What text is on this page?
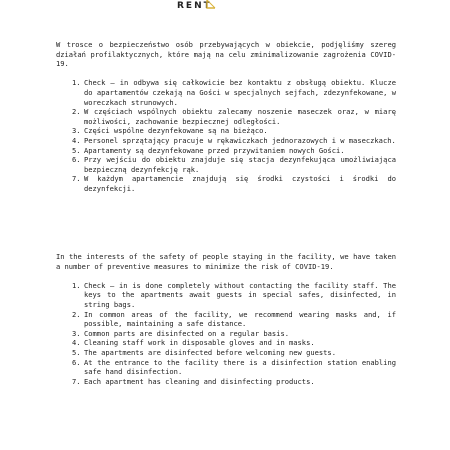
RENT

W trosce o bezpieczeństwo osób przebywających w obiekcie, podjęliśmy szereg działań profilaktycznych, które mają na celu zminimalizowanie zagrożenia COVID-19.

1. Check – in odbywa się całkowicie bez kontaktu z obsługą obiektu. Klucze do apartamentów czekają na Gości w specjalnych sejfach, zdezynfekowane, w woreczkach strunowych.
2. W częściach wspólnych obiektu zalecamy noszenie maseczek oraz, w miarę możliwości, zachowanie bezpiecznej odległości.
3. Części wspólne dezynfekowane są na bieżąco.
4. Personel sprzątający pracuje w rękawiczkach jednorazowych i w maseczkach.
5. Apartamenty są dezynfekowane przed przywitaniem nowych Gości.
6. Przy wejściu do obiektu znajduje się stacja dezynfekująca umożliwiająca bezpieczną dezynfekcję rąk.
7. W każdym apartamencie znajdują się środki czystości i środki do dezynfekcji.

In the interests of the safety of people staying in the facility, we have taken a number of preventive measures to minimize the risk of COVID-19.

1. Check – in is done completely without contacting the facility staff. The keys to the apartments await guests in special safes, disinfected, in string bags.
2. In common areas of the facility, we recommend wearing masks and, if possible, maintaining a safe distance.
3. Common parts are disinfected on a regular basis.
4. Cleaning staff work in disposable gloves and in masks.
5. The apartments are disinfected before welcoming new guests.
6. At the entrance to the facility there is a disinfection station enabling safe hand disinfection.
7. Each apartment has cleaning and disinfecting products.
